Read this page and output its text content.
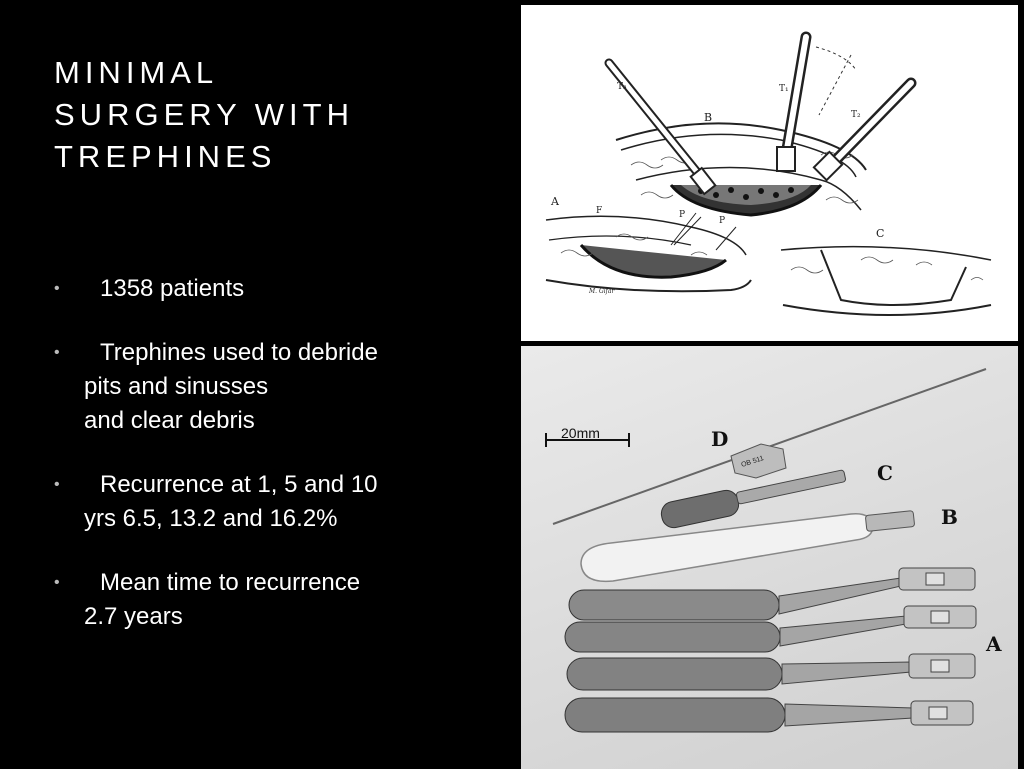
MINIMAL
SURGERY WITH
TREPHINES
•	1358 patients
•	Trephines used to debride
pits and sinusses
and clear debris
•	Recurrence at 1, 5 and 10
yrs 6.5, 13.2 and 16.2%
•	Mean time to recurrence
2.7 years
T₃	T₁
T₂
B
A
F	P
P
C
M. Gifar
20mm
OB 511
D
C
B
A
